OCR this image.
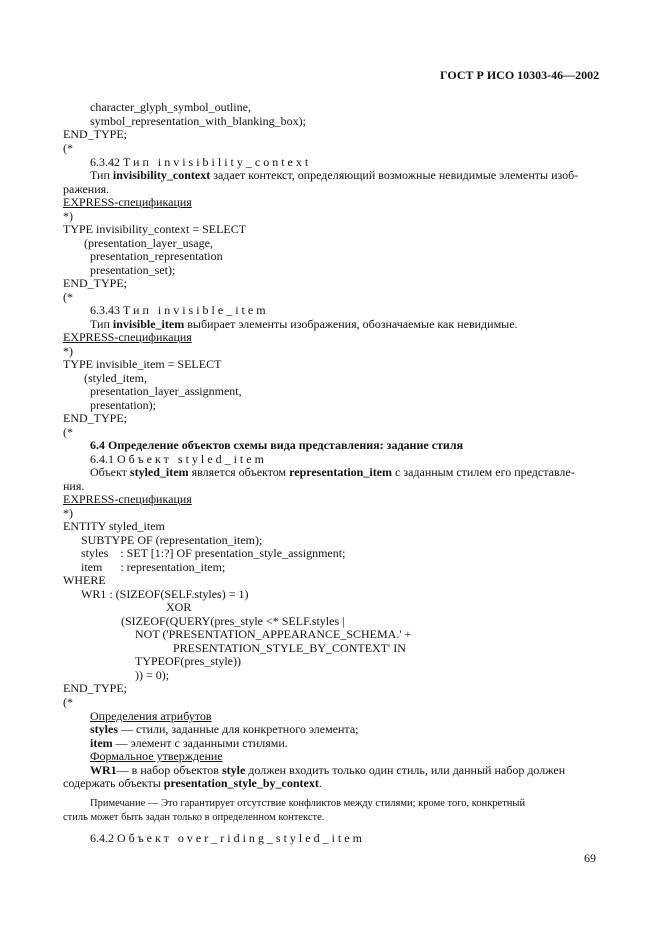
ГОСТ Р ИСО 10303-46—2002
character_glyph_symbol_outline,
symbol_representation_with_blanking_box);
END_TYPE;
(*
6.3.42 Тип invisibility_context
Тип invisibility_context задает контекст, определяющий возможные невидимые элементы изоб-
ражения.
EXPRESS-спецификация
*)
TYPE invisibility_context = SELECT
(presentation_layer_usage,
presentation_representation
presentation_set);
END_TYPE;
(*
6.3.43 Тип invisible_item
Тип invisible_item выбирает элементы изображения, обозначаемые как невидимые.
EXPRESS-спецификация
*)
TYPE invisible_item = SELECT
(styled_item,
presentation_layer_assignment,
presentation);
END_TYPE;
(*
6.4 Определение объектов схемы вида представления: задание стиля
6.4.1 Объект styled_item
Объект styled_item является объектом representation_item с заданным стилем его представле-
ния.
EXPRESS-спецификация
*)
ENTITY styled_item
SUBTYPE OF (representation_item);
styles    : SET [1:?] OF presentation_style_assignment;
item      : representation_item;
WHERE
WR1 : (SIZEOF(SELF.styles) = 1)
XOR
(SIZEOF(QUERY(pres_style <* SELF.styles |
NOT ('PRESENTATION_APPEARANCE_SCHEMA.' +
PRESENTATION_STYLE_BY_CONTEXT' IN
TYPEOF(pres_style))
)) = 0);
END_TYPE;
(*
Определения атрибутов
styles — стили, заданные для конкретного элемента;
item — элемент с заданными стилями.
Формальное утверждение
WR1— в набор объектов style должен входить только один стиль, или данный набор должен
содержать объекты presentation_style_by_context.
Примечание — Это гарантирует отсутствие конфликтов между стилями; кроме того, конкретный
стиль может быть задан только в определенном контексте.
6.4.2 Объект over_riding_styled_item
69
